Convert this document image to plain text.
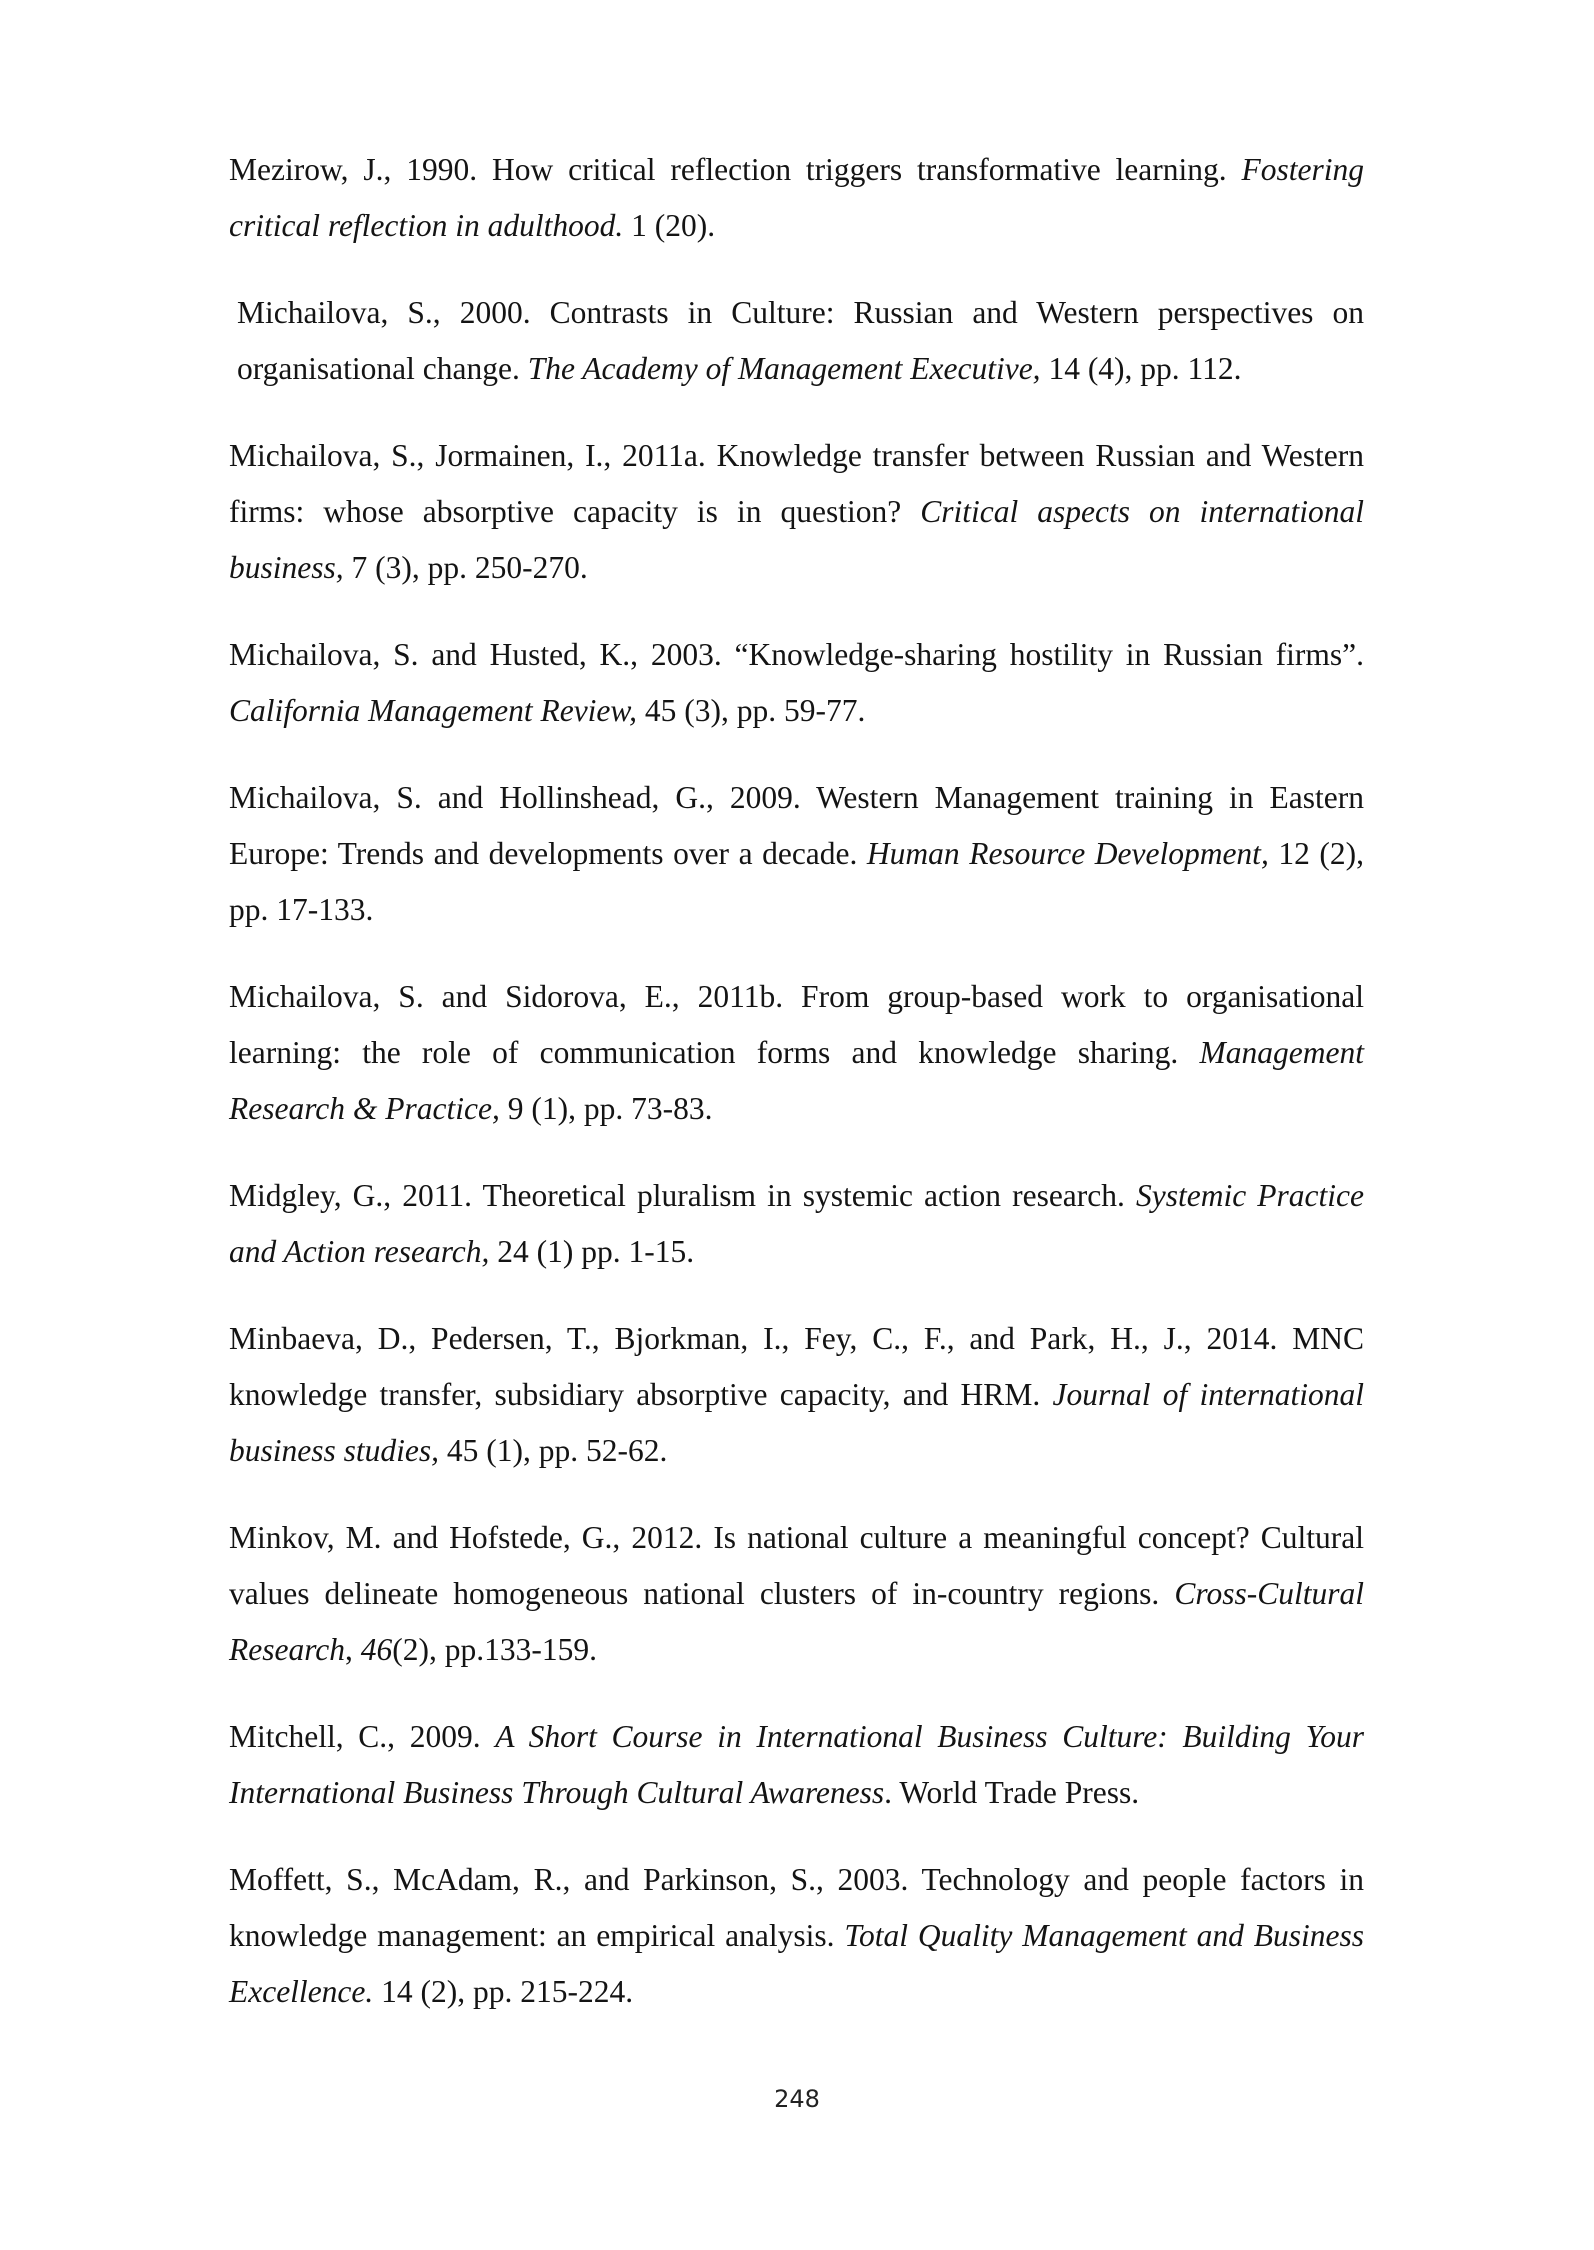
Mezirow, J., 1990. How critical reflection triggers transformative learning. Fostering critical reflection in adulthood. 1 (20).

Michailova, S., 2000. Contrasts in Culture: Russian and Western perspectives on organisational change. The Academy of Management Executive, 14 (4), pp. 112.

Michailova, S., Jormainen, I., 2011a. Knowledge transfer between Russian and Western firms: whose absorptive capacity is in question? Critical aspects on international business, 7 (3), pp. 250-270.

Michailova, S. and Husted, K., 2003. “Knowledge-sharing hostility in Russian firms”. California Management Review, 45 (3), pp. 59-77.

Michailova, S. and Hollinshead, G., 2009. Western Management training in Eastern Europe: Trends and developments over a decade. Human Resource Development, 12 (2), pp. 17-133.

Michailova, S. and Sidorova, E., 2011b. From group-based work to organisational learning: the role of communication forms and knowledge sharing. Management Research & Practice, 9 (1), pp. 73-83.

Midgley, G., 2011. Theoretical pluralism in systemic action research. Systemic Practice and Action research, 24 (1) pp. 1-15.

Minbaeva, D., Pedersen, T., Bjorkman, I., Fey, C., F., and Park, H., J., 2014. MNC knowledge transfer, subsidiary absorptive capacity, and HRM. Journal of international business studies, 45 (1), pp. 52-62.

Minkov, M. and Hofstede, G., 2012. Is national culture a meaningful concept? Cultural values delineate homogeneous national clusters of in-country regions. Cross-Cultural Research, 46(2), pp.133-159.

Mitchell, C., 2009. A Short Course in International Business Culture: Building Your International Business Through Cultural Awareness. World Trade Press.

Moffett, S., McAdam, R., and Parkinson, S., 2003. Technology and people factors in knowledge management: an empirical analysis. Total Quality Management and Business Excellence. 14 (2), pp. 215-224.

248
